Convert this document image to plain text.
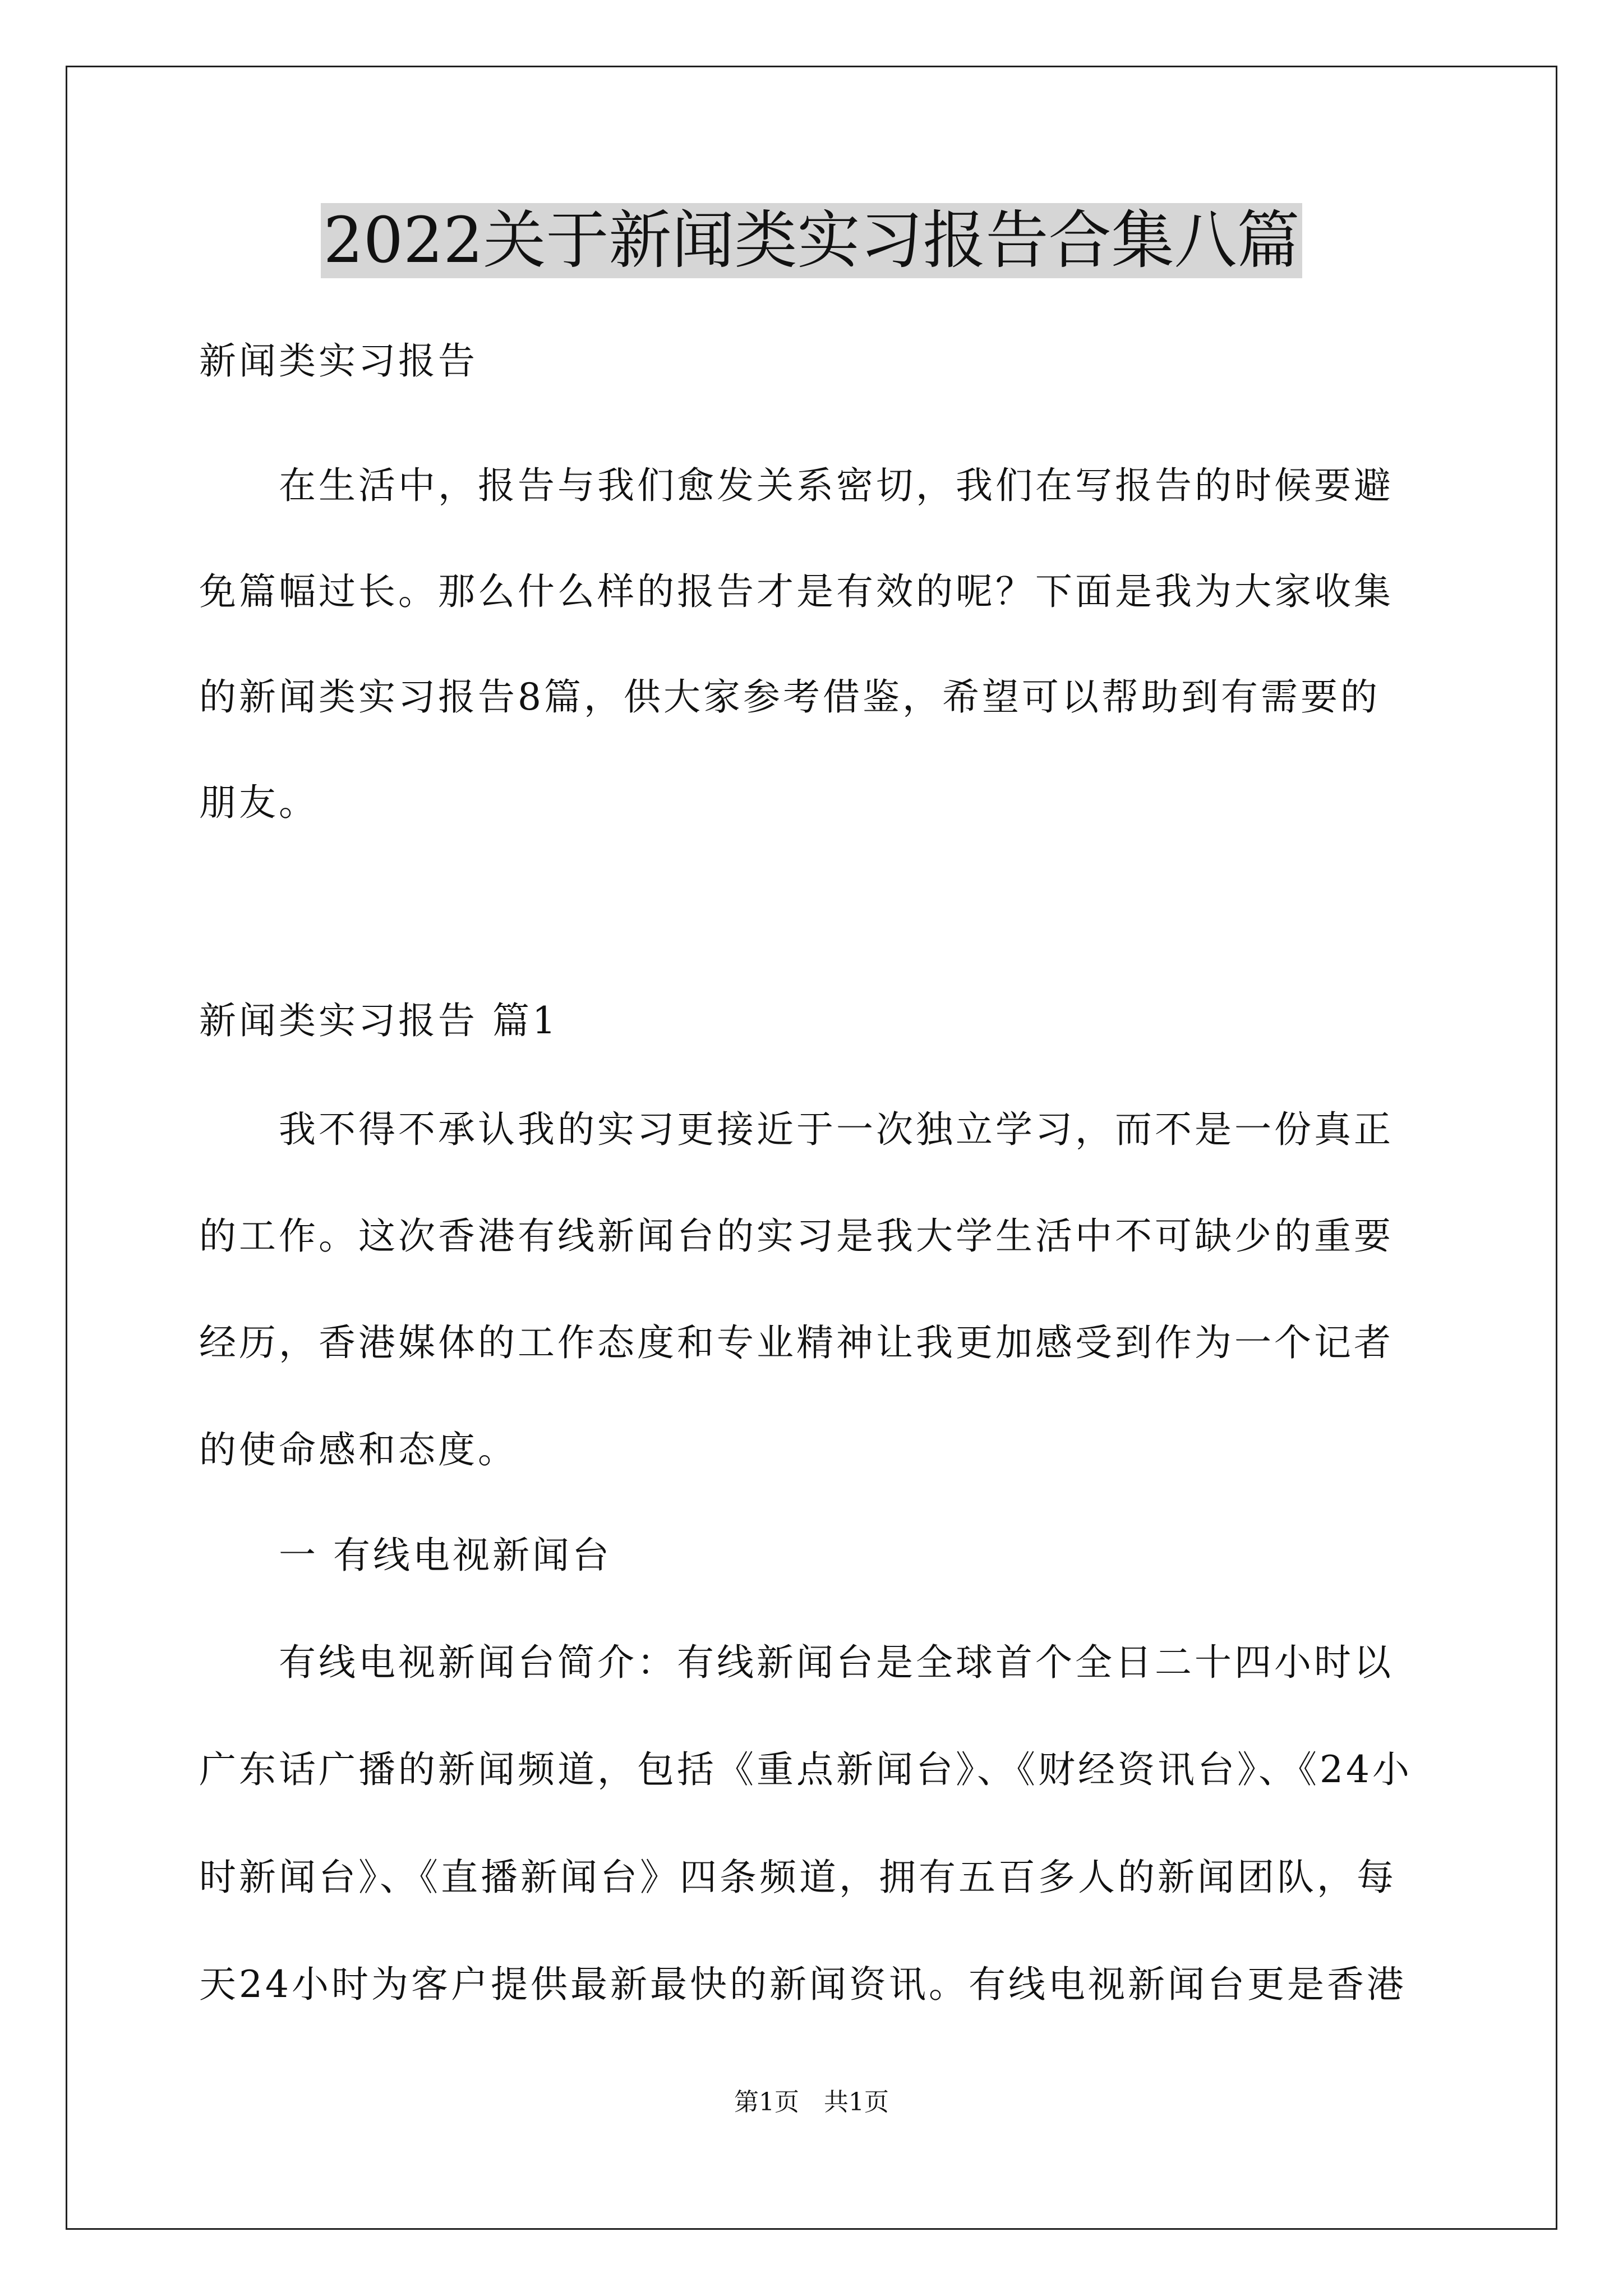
2022关于新闻类实习报告合集八篇
新闻类实习报告
在生活中，报告与我们愈发关系密切，我们在写报告的时候要避
免篇幅过长。那么什么样的报告才是有效的呢？下面是我为大家收集
的新闻类实习报告8篇，供大家参考借鉴，希望可以帮助到有需要的
朋友。
新闻类实习报告 篇1
我不得不承认我的实习更接近于一次独立学习，而不是一份真正
的工作。这次香港有线新闻台的实习是我大学生活中不可缺少的重要
经历，香港媒体的工作态度和专业精神让我更加感受到作为一个记者
的使命感和态度。
一 有线电视新闻台
有线电视新闻台简介：有线新闻台是全球首个全日二十四小时以
广东话广播的新闻频道，包括《重点新闻台》、《财经资讯台》、《24小
时新闻台》、《直播新闻台》四条频道，拥有五百多人的新闻团队，每
天24小时为客户提供最新最快的新闻资讯。有线电视新闻台更是香港
第1页　共1页
